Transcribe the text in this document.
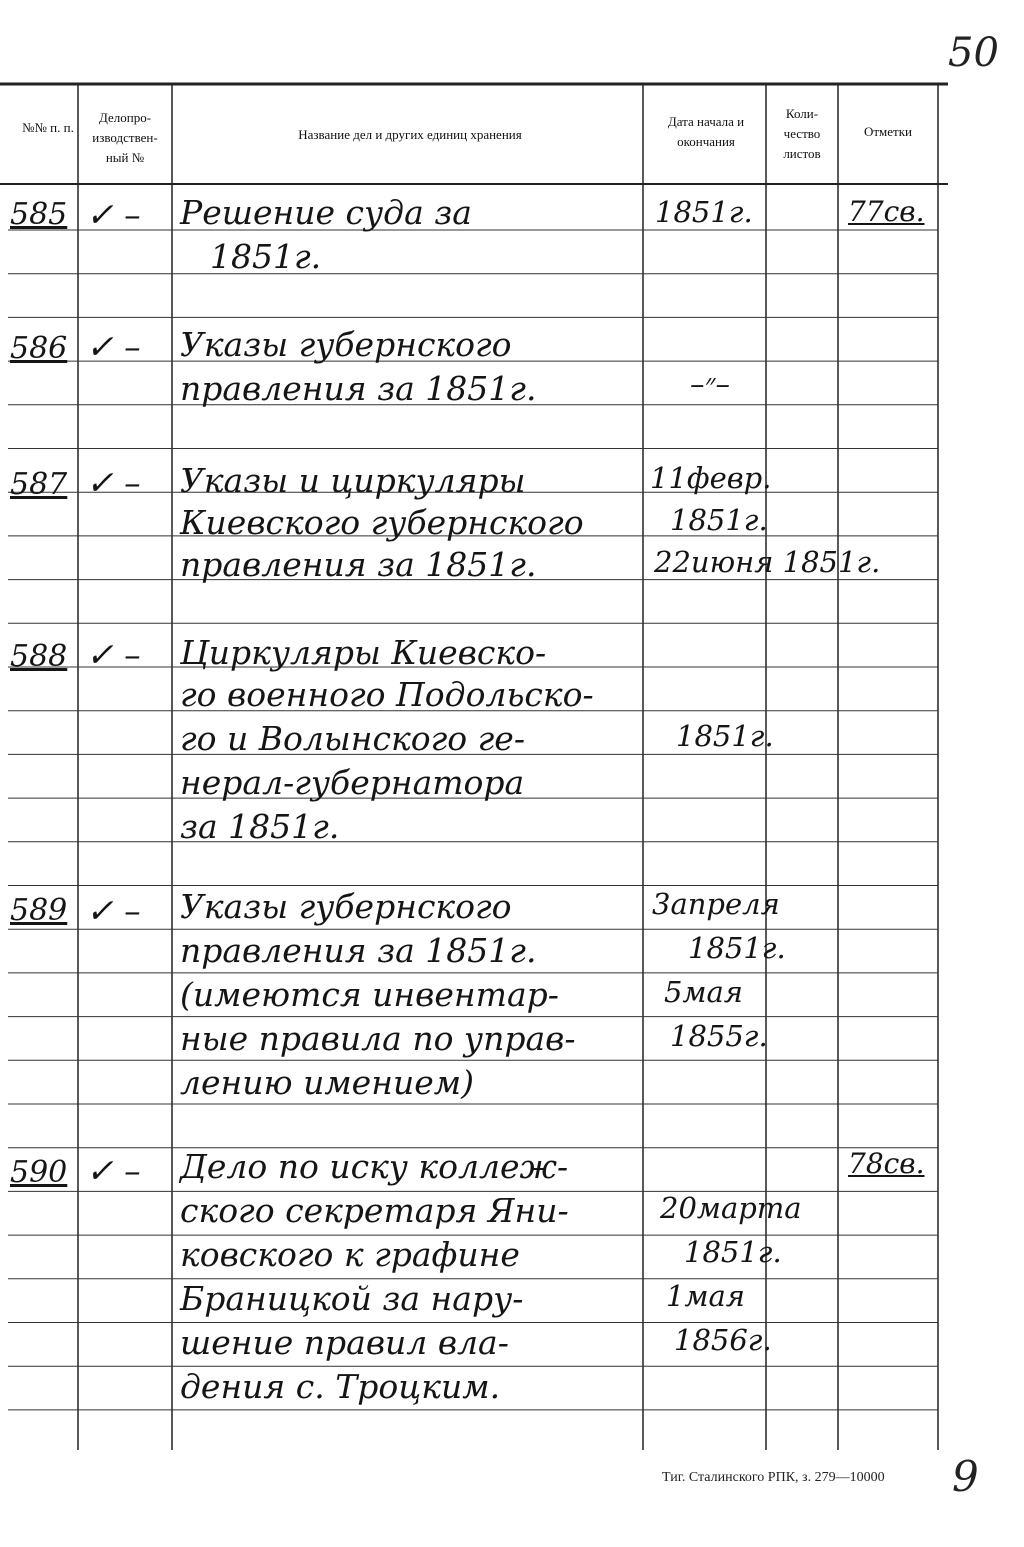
50
№№ п. п.
Делопро- изводствен- ный №
Название дел и других единиц хранения
Дата начала и окончания
Коли- чество листов
Отметки
585 ✓ – Решение суда за
1851г.
1851г.	77св.
586 ✓ – Указы губернского
правления за 1851г.	–״–
587 ✓ – Указы и циркуляры
Киевского губернского
правления за 1851г.
11февр.
1851г.
22июня 1851г.
588 ✓ – Циркуляры Киевско-
го военного Подольско-
го и Волынского ге-
нерал-губернатора
за 1851г.
1851г.
589 ✓ – Указы губернского
правления за 1851г.
(имеются инвентар-
ные правила по управ-
лению имением)
3апреля
1851г.
5мая
1855г.
590 ✓ – Дело по иску коллеж-
ского секретаря Яни-
ковского к графине
Браницкой за нару-
шение правил вла-
дения с. Троцким.
20марта
1851г.
1мая
1856г.
78св.
Тиг. Сталинского РПК, з. 279—10000 9
